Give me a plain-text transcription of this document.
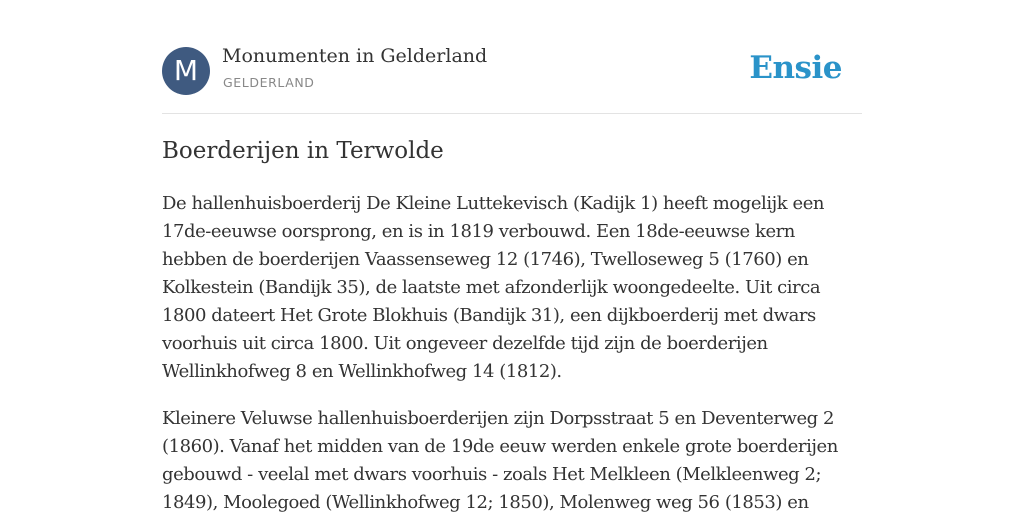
M	Monumenten in Gelderland
GELDERLAND	Ensie
Boerderijen in Terwolde

De hallenhuisboerderij De Kleine Luttekevisch (Kadijk 1) heeft mogelijk een 17de-eeuwse oorsprong, en is in 1819 verbouwd. Een 18de-eeuwse kern hebben de boerderijen Vaassenseweg 12 (1746), Twelloseweg 5 (1760) en Kolkestein (Bandijk 35), de laatste met afzonderlijk woongedeelte. Uit circa 1800 dateert Het Grote Blokhuis (Bandijk 31), een dijkboerderij met dwars voorhuis uit circa 1800. Uit ongeveer dezelfde tijd zijn de boerderijen Wellinkhofweg 8 en Wellinkhofweg 14 (1812).

Kleinere Veluwse hallenhuisboerderijen zijn Dorpsstraat 5 en Deventerweg 2 (1860). Vanaf het midden van de 19de eeuw werden enkele grote boerderijen gebouwd - veelal met dwars voorhuis - zoals Het Melkleen (Melkleenweg 2; 1849), Moolegoed (Wellinkhofweg 12; 1850), Molenweg weg 56 (1853) en
